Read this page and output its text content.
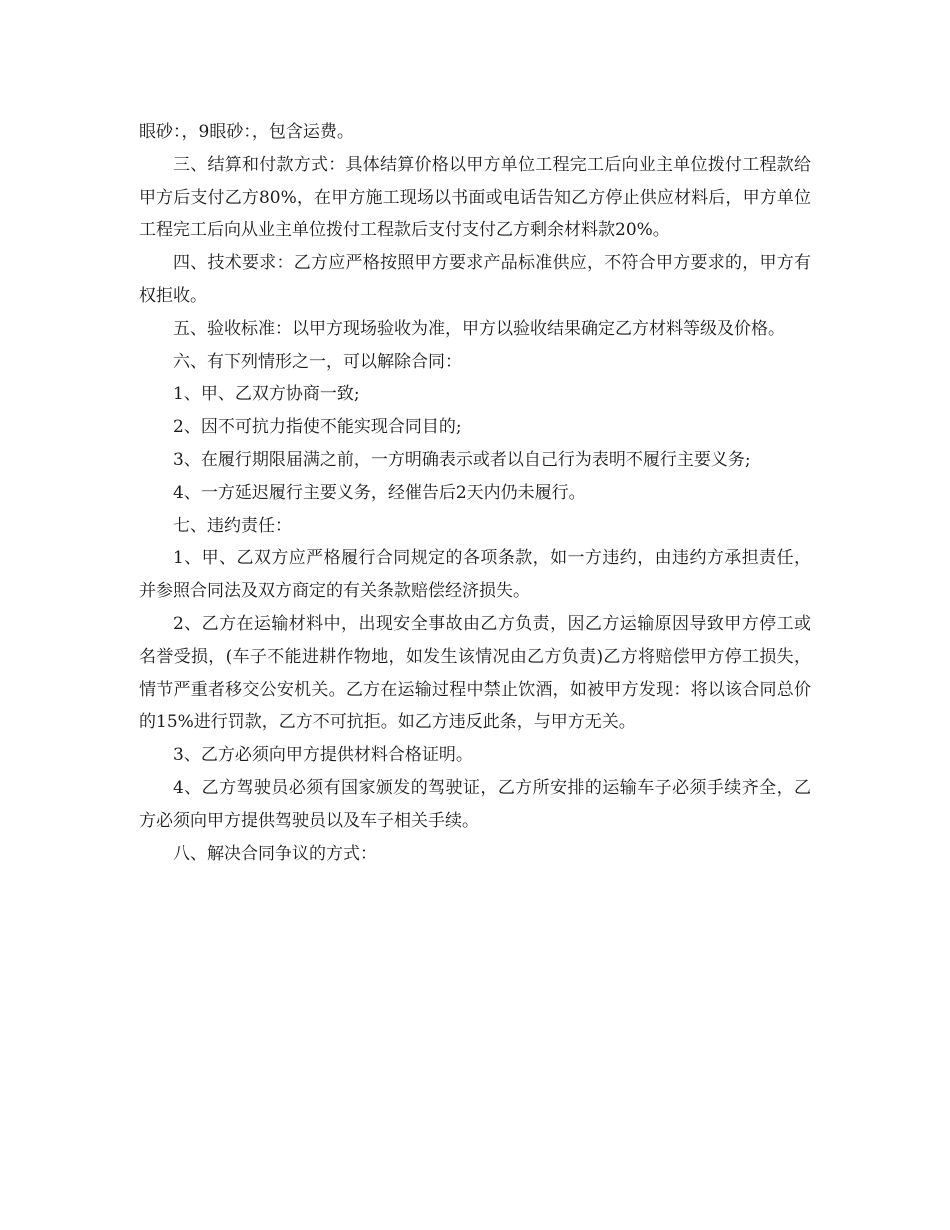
眼砂：，9眼砂：，包含运费。

三、结算和付款方式：具体结算价格以甲方单位工程完工后向业主单位拨付工程款给甲方后支付乙方80%，在甲方施工现场以书面或电话告知乙方停止供应材料后，甲方单位工程完工后向从业主单位拨付工程款后支付支付乙方剩余材料款20%。

四、技术要求：乙方应严格按照甲方要求产品标准供应，不符合甲方要求的，甲方有权拒收。

五、验收标准：以甲方现场验收为准，甲方以验收结果确定乙方材料等级及价格。

六、有下列情形之一，可以解除合同：

1、甲、乙双方协商一致;

2、因不可抗力指使不能实现合同目的;

3、在履行期限届满之前，一方明确表示或者以自己行为表明不履行主要义务;

4、一方延迟履行主要义务，经催告后2天内仍未履行。

七、违约责任：

1、甲、乙双方应严格履行合同规定的各项条款，如一方违约，由违约方承担责任，并参照合同法及双方商定的有关条款赔偿经济损失。

2、乙方在运输材料中，出现安全事故由乙方负责，因乙方运输原因导致甲方停工或名誉受损，(车子不能进耕作物地，如发生该情况由乙方负责)乙方将赔偿甲方停工损失，情节严重者移交公安机关。乙方在运输过程中禁止饮酒，如被甲方发现：将以该合同总价的15%进行罚款，乙方不可抗拒。如乙方违反此条，与甲方无关。

3、乙方必须向甲方提供材料合格证明。

4、乙方驾驶员必须有国家颁发的驾驶证，乙方所安排的运输车子必须手续齐全，乙方必须向甲方提供驾驶员以及车子相关手续。

八、解决合同争议的方式：
